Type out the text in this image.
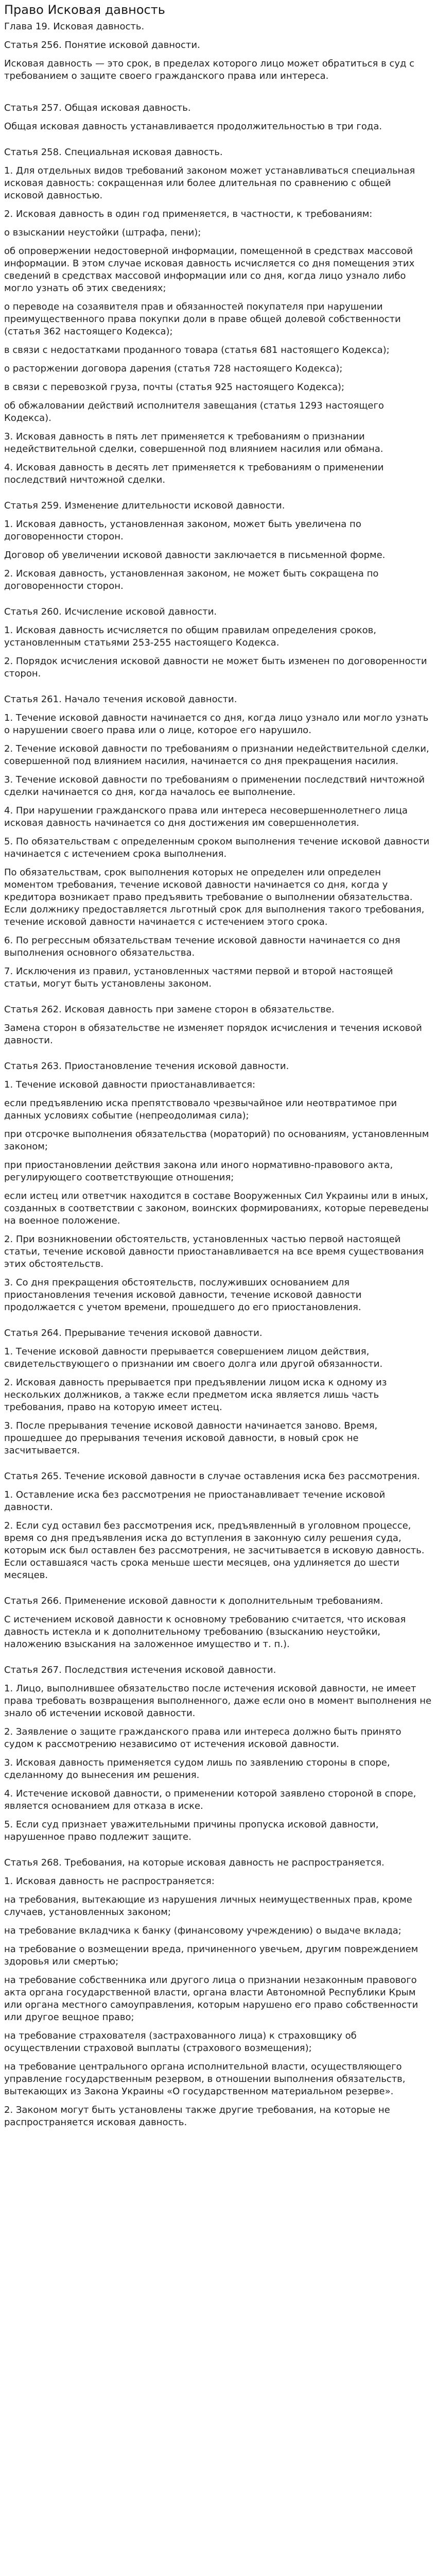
Право Исковая давность

Глава 19. Исковая давность.

Статья 256. Понятие исковой давности.

Исковая давность — это срок, в пределах которого лицо может обратиться в суд с требованием о защите своего гражданского права или интереса.

Статья 257. Общая исковая давность.

Общая исковая давность устанавливается продолжительностью в три года.

Статья 258. Специальная исковая давность.

1. Для отдельных видов требований законом может устанавливаться специальная исковая давность: сокращенная или более длительная по сравнению с общей исковой давностью.

2. Исковая давность в один год применяется, в частности, к требованиям:

о взыскании неустойки (штрафа, пени);

об опровержении недостоверной информации, помещенной в средствах массовой информации. В этом случае исковая давность исчисляется со дня помещения этих сведений в средствах массовой информации или со дня, когда лицо узнало либо могло узнать об этих сведениях;

о переводе на созаявителя прав и обязанностей покупателя при нарушении преимущественного права покупки доли в праве общей долевой собственности (статья 362 настоящего Кодекса);

в связи с недостатками проданного товара (статья 681 настоящего Кодекса);

о расторжении договора дарения (статья 728 настоящего Кодекса);

в связи с перевозкой груза, почты (статья 925 настоящего Кодекса);

об обжаловании действий исполнителя завещания (статья 1293 настоящего Кодекса).

3. Исковая давность в пять лет применяется к требованиям о признании недействительной сделки, совершенной под влиянием насилия или обмана.

4. Исковая давность в десять лет применяется к требованиям о применении последствий ничтожной сделки.

Статья 259. Изменение длительности исковой давности.

1. Исковая давность, установленная законом, может быть увеличена по договоренности сторон.

Договор об увеличении исковой давности заключается в письменной форме.

2. Исковая давность, установленная законом, не может быть сокращена по договоренности сторон.

Статья 260. Исчисление исковой давности.

1. Исковая давность исчисляется по общим правилам определения сроков, установленным статьями 253-255 настоящего Кодекса.

2. Порядок исчисления исковой давности не может быть изменен по договоренности сторон.

Статья 261. Начало течения исковой давности.

1. Течение исковой давности начинается со дня, когда лицо узнало или могло узнать о нарушении своего права или о лице, которое его нарушило.

2. Течение исковой давности по требованиям о признании недействительной сделки, совершенной под влиянием насилия, начинается со дня прекращения насилия.

3. Течение исковой давности по требованиям о применении последствий ничтожной сделки начинается со дня, когда началось ее выполнение.

4. При нарушении гражданского права или интереса несовершеннолетнего лица исковая давность начинается со дня достижения им совершеннолетия.

5. По обязательствам с определенным сроком выполнения течение исковой давности начинается с истечением срока выполнения.

По обязательствам, срок выполнения которых не определен или определен моментом требования, течение исковой давности начинается со дня, когда у кредитора возникает право предъявить требование о выполнении обязательства. Если должнику предоставляется льготный срок для выполнения такого требования, течение исковой давности начинается с истечением этого срока.

6. По регрессным обязательствам течение исковой давности начинается со дня выполнения основного обязательства.

7. Исключения из правил, установленных частями первой и второй настоящей статьи, могут быть установлены законом.

Статья 262. Исковая давность при замене сторон в обязательстве.

Замена сторон в обязательстве не изменяет порядок исчисления и течения исковой давности.

Статья 263. Приостановление течения исковой давности.

1. Течение исковой давности приостанавливается:

если предъявлению иска препятствовало чрезвычайное или неотвратимое при данных условиях событие (непреодолимая сила);

при отсрочке выполнения обязательства (мораторий) по основаниям, установленным законом;

при приостановлении действия закона или иного нормативно-правового акта, регулирующего соответствующие отношения;

если истец или ответчик находится в составе Вооруженных Сил Украины или в иных, созданных в соответствии с законом, воинских формированиях, которые переведены на военное положение.

2. При возникновении обстоятельств, установленных частью первой настоящей статьи, течение исковой давности приостанавливается на все время существования этих обстоятельств.

3. Со дня прекращения обстоятельств, послуживших основанием для приостановления течения исковой давности, течение исковой давности продолжается с учетом времени, прошедшего до его приостановления.

Статья 264. Прерывание течения исковой давности.

1. Течение исковой давности прерывается совершением лицом действия, свидетельствующего о признании им своего долга или другой обязанности.

2. Исковая давность прерывается при предъявлении лицом иска к одному из нескольких должников, а также если предметом иска является лишь часть требования, право на которую имеет истец.

3. После прерывания течение исковой давности начинается заново. Время, прошедшее до прерывания течения исковой давности, в новый срок не засчитывается.

Статья 265. Течение исковой давности в случае оставления иска без рассмотрения.

1. Оставление иска без рассмотрения не приостанавливает течение исковой давности.

2. Если суд оставил без рассмотрения иск, предъявленный в уголовном процессе, время со дня предъявления иска до вступления в законную силу решения суда, которым иск был оставлен без рассмотрения, не засчитывается в исковую давность. Если оставшаяся часть срока меньше шести месяцев, она удлиняется до шести месяцев.

Статья 266. Применение исковой давности к дополнительным требованиям.

С истечением исковой давности к основному требованию считается, что исковая давность истекла и к дополнительному требованию (взысканию неустойки, наложению взыскания на заложенное имущество и т. п.).

Статья 267. Последствия истечения исковой давности.

1. Лицо, выполнившее обязательство после истечения исковой давности, не имеет права требовать возвращения выполненного, даже если оно в момент выполнения не знало об истечении исковой давности.

2. Заявление о защите гражданского права или интереса должно быть принято судом к рассмотрению независимо от истечения исковой давности.

3. Исковая давность применяется судом лишь по заявлению стороны в споре, сделанному до вынесения им решения.

4. Истечение исковой давности, о применении которой заявлено стороной в споре, является основанием для отказа в иске.

5. Если суд признает уважительными причины пропуска исковой давности, нарушенное право подлежит защите.

Статья 268. Требования, на которые исковая давность не распространяется.

1. Исковая давность не распространяется:

на требования, вытекающие из нарушения личных неимущественных прав, кроме случаев, установленных законом;

на требование вкладчика к банку (финансовому учреждению) о выдаче вклада;

на требование о возмещении вреда, причиненного увечьем, другим повреждением здоровья или смертью;

на требование собственника или другого лица о признании незаконным правового акта органа государственной власти, органа власти Автономной Республики Крым или органа местного самоуправления, которым нарушено его право собственности или другое вещное право;

на требование страхователя (застрахованного лица) к страховщику об осуществлении страховой выплаты (страхового возмещения);

на требование центрального органа исполнительной власти, осуществляющего управление государственным резервом, в отношении выполнения обязательств, вытекающих из Закона Украины «О государственном материальном резерве».

2. Законом могут быть установлены также другие требования, на которые не распространяется исковая давность.
